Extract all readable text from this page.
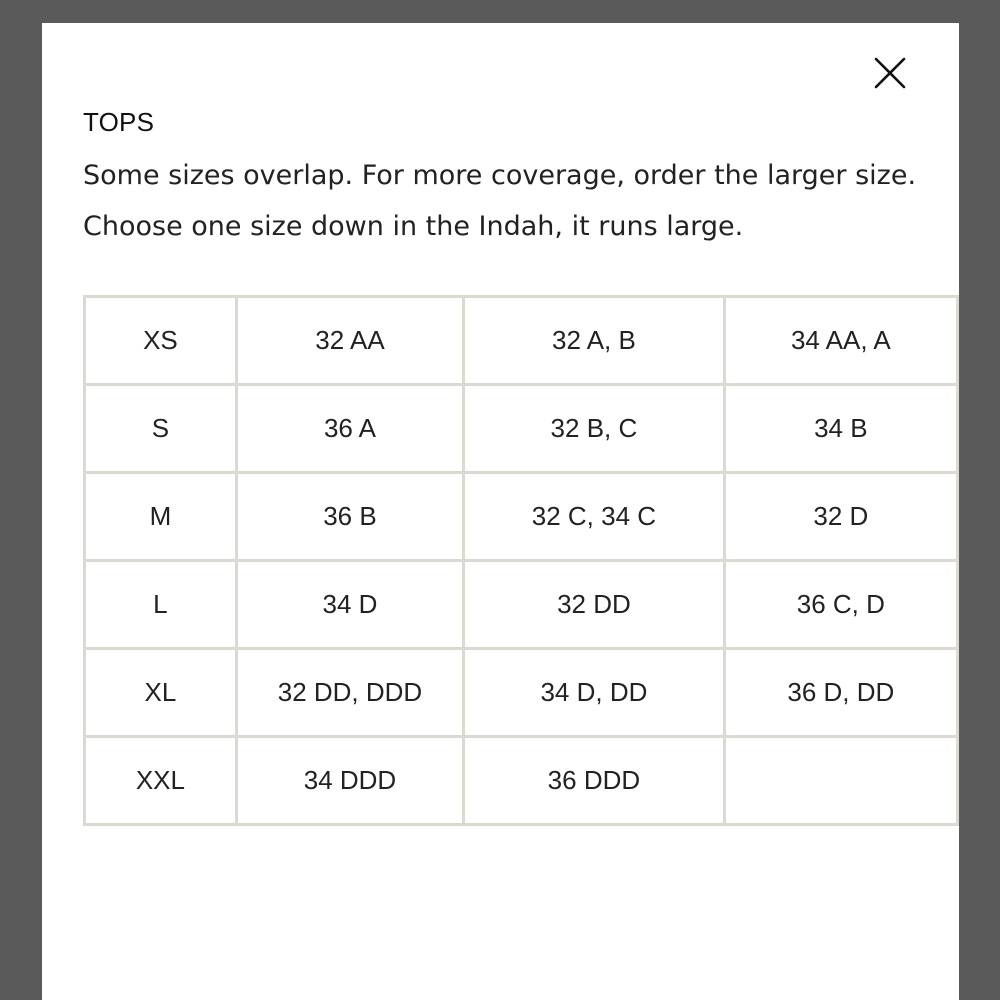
TOPS
Some sizes overlap. For more coverage, order the larger size. Choose one size down in the Indah, it runs large.
XS	32 AA	32 A, B	34 AA, A
S	36 A	32 B, C	34 B
M	36 B	32 C, 34 C	32 D
L	34 D	32 DD	36 C, D
XL	32 DD, DDD	34 D, DD	36 D, DD
XXL	34 DDD	36 DDD	
